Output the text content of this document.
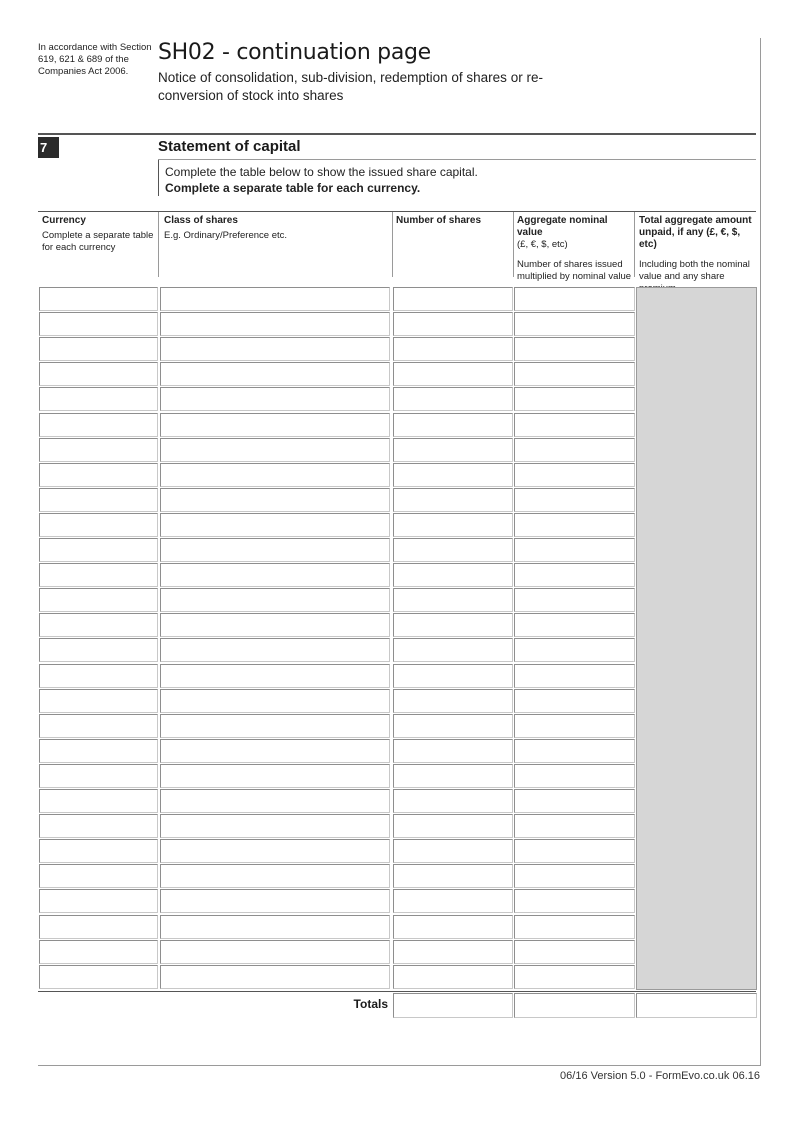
In accordance with Section 619, 621 & 689 of the Companies Act 2006.
SH02 - continuation page
Notice of consolidation, sub-division, redemption of shares or re-conversion of stock into shares
7	Statement of capital
Complete the table below to show the issued share capital.
Complete a separate table for each currency.
Currency
Complete a separate table for each currency
Class of shares
E.g. Ordinary/Preference etc.
Number of shares	Aggregate nominal value
(£, €, $, etc)
Number of shares issued multiplied by nominal value
Total aggregate amount unpaid, if any (£, €, $, etc)
Including both the nominal value and any share
Totals
06/16 Version 5.0 - FormEvo.co.uk 06.16
